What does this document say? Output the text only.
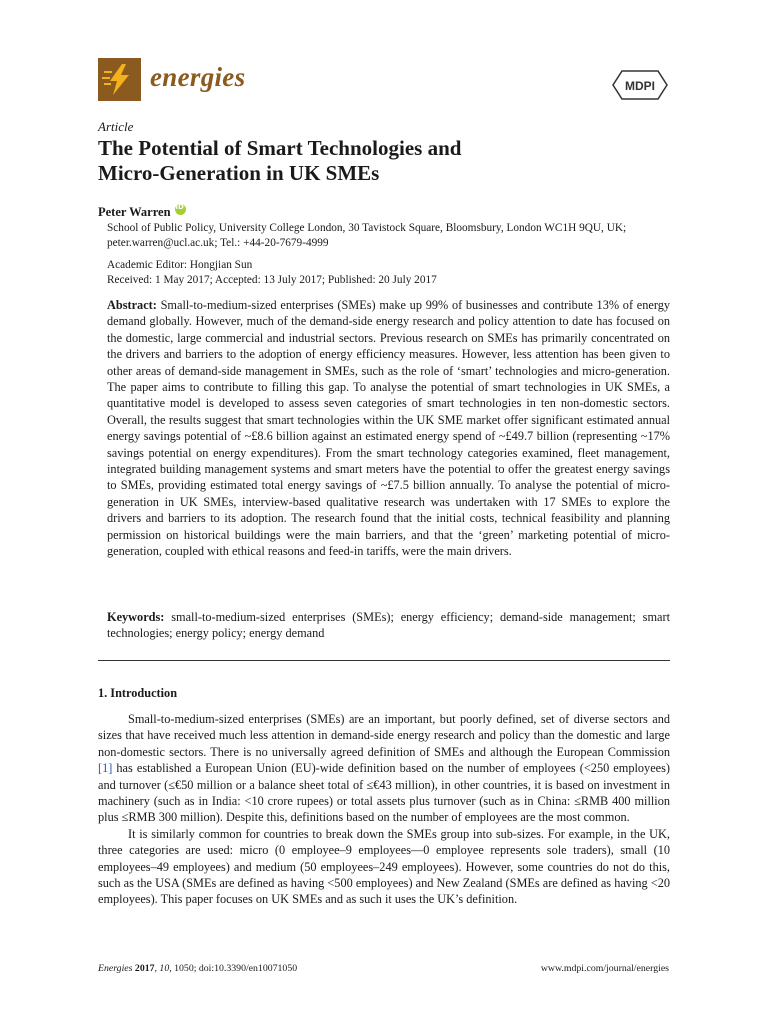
energies	MDPI
Article
The Potential of Smart Technologies and
Micro-Generation in UK SMEs
Peter WarreniD
School of Public Policy, University College London, 30 Tavistock Square, Bloomsbury, London WC1H 9QU, UK;
peter.warren@ucl.ac.uk; Tel.: +44-20-7679-4999
Academic Editor: Hongjian Sun
Received: 1 May 2017; Accepted: 13 July 2017; Published: 20 July 2017
Abstract: Small-to-medium-sized enterprises (SMEs) make up 99% of businesses and contribute 13% of energy demand globally. However, much of the demand-side energy research and policy attention to date has focused on the domestic, large commercial and industrial sectors. Previous research on SMEs has primarily concentrated on the drivers and barriers to the adoption of energy efficiency measures. However, less attention has been given to other areas of demand-side management in SMEs, such as the role of ‘smart’ technologies and micro-generation. The paper aims to contribute to filling this gap. To analyse the potential of smart technologies in UK SMEs, a quantitative model is developed to assess seven categories of smart technologies in ten non-domestic sectors. Overall, the results suggest that smart technologies within the UK SME market offer significant estimated annual energy savings potential of ~£8.6 billion against an estimated energy spend of ~£49.7 billion (representing ~17% savings potential on energy expenditures). From the smart technology categories examined, fleet management, integrated building management systems and smart meters have the potential to offer the greatest energy savings to SMEs, providing estimated total energy savings of ~£7.5 billion annually. To analyse the potential of micro-generation in UK SMEs, interview-based qualitative research was undertaken with 17 SMEs to explore the drivers and barriers to its adoption. The research found that the initial costs, technical feasibility and planning permission on historical buildings were the main barriers, and that the ‘green’ marketing potential of micro-generation, coupled with ethical reasons and feed-in tariffs, were the main drivers.
Keywords: small-to-medium-sized enterprises (SMEs); energy efficiency; demand-side management; smart technologies; energy policy; energy demand
1. Introduction

Small-to-medium-sized enterprises (SMEs) are an important, but poorly defined, set of diverse sectors and sizes that have received much less attention in demand-side energy research and policy than the domestic and large non-domestic sectors. There is no universally agreed definition of SMEs and although the European Commission [1] has established a European Union (EU)-wide definition based on the number of employees (<250 employees) and turnover (≤€50 million or a balance sheet total of ≤€43 million), in other countries, it is based on investment in machinery (such as in India: <10 crore rupees) or total assets plus turnover (such as in China: ≤RMB 400 million plus ≤RMB 300 million). Despite this, definitions based on the number of employees are the most common.

It is similarly common for countries to break down the SMEs group into sub-sizes. For example, in the UK, three categories are used: micro (0 employee–9 employees—0 employee represents sole traders), small (10 employees–49 employees) and medium (50 employees–249 employees). However, some countries do not do this, such as the USA (SMEs are defined as having <500 employees) and New Zealand (SMEs are defined as having <20 employees). This paper focuses on UK SMEs and as such it uses the UK’s definition.

Energies 2017, 10, 1050; doi:10.3390/en10071050	www.mdpi.com/journal/energies
